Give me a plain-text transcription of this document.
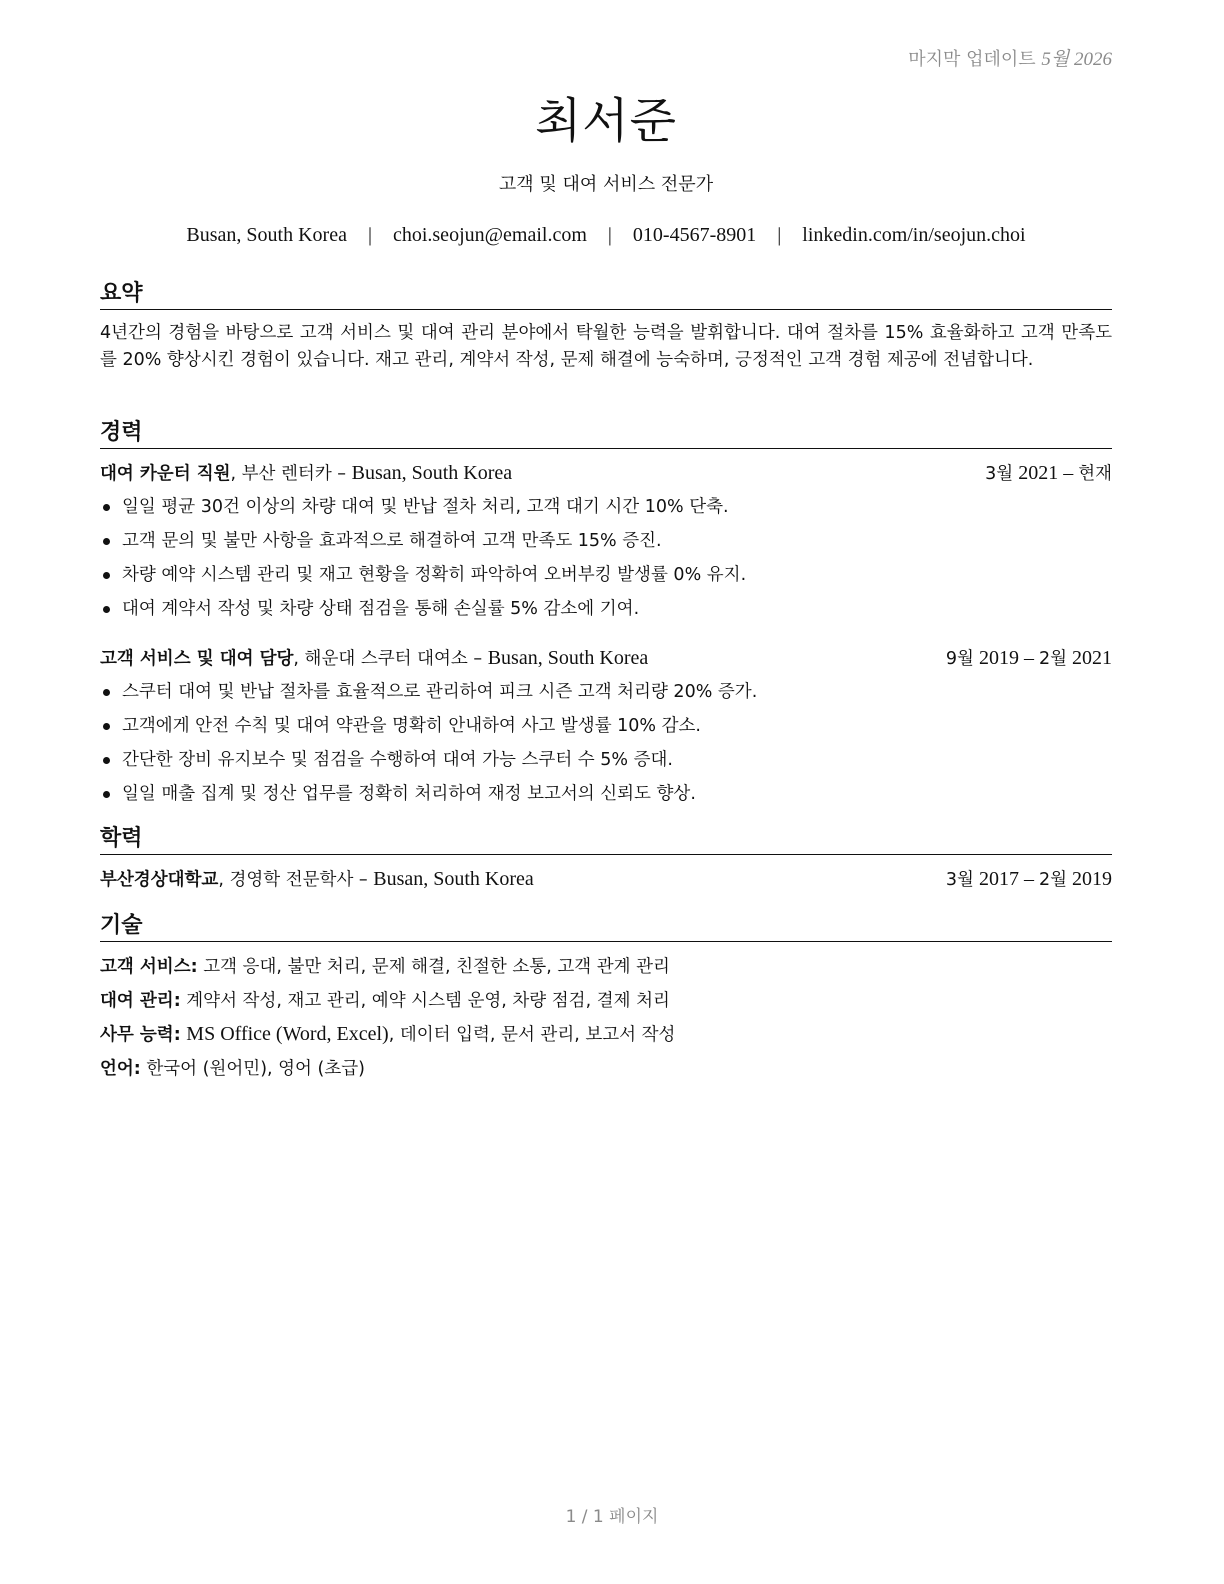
마지막 업데이트 5월 2026
최서준
고객 및 대여 서비스 전문가
Busan, South Korea | choi.seojun@email.com | 010-4567-8901 | linkedin.com/in/seojun.choi
요약

4년간의 경험을 바탕으로 고객 서비스 및 대여 관리 분야에서 탁월한 능력을 발휘합니다. 대여 절차를 15% 효율화하고 고객 만족도를 20% 향상시킨 경험이 있습니다. 재고 관리, 계약서 작성, 문제 해결에 능숙하며, 긍정적인 고객 경험 제공에 전념합니다.

경력
대여 카운터 직원, 부산 렌터카 – Busan, South Korea	3월 2021 – 현재
일일 평균 30건 이상의 차량 대여 및 반납 절차 처리, 고객 대기 시간 10% 단축.
고객 문의 및 불만 사항을 효과적으로 해결하여 고객 만족도 15% 증진.
차량 예약 시스템 관리 및 재고 현황을 정확히 파악하여 오버부킹 발생률 0% 유지.
대여 계약서 작성 및 차량 상태 점검을 통해 손실률 5% 감소에 기여.
고객 서비스 및 대여 담당, 해운대 스쿠터 대여소 – Busan, South Korea	9월 2019 – 2월 2021
스쿠터 대여 및 반납 절차를 효율적으로 관리하여 피크 시즌 고객 처리량 20% 증가.
고객에게 안전 수칙 및 대여 약관을 명확히 안내하여 사고 발생률 10% 감소.
간단한 장비 유지보수 및 점검을 수행하여 대여 가능 스쿠터 수 5% 증대.
일일 매출 집계 및 정산 업무를 정확히 처리하여 재정 보고서의 신뢰도 향상.
학력
부산경상대학교, 경영학 전문학사 – Busan, South Korea	3월 2017 – 2월 2019
기술
고객 서비스: 고객 응대, 불만 처리, 문제 해결, 친절한 소통, 고객 관계 관리
대여 관리: 계약서 작성, 재고 관리, 예약 시스템 운영, 차량 점검, 결제 처리
사무 능력: MS Office (Word, Excel), 데이터 입력, 문서 관리, 보고서 작성
언어: 한국어 (원어민), 영어 (초급)
1 / 1 페이지
